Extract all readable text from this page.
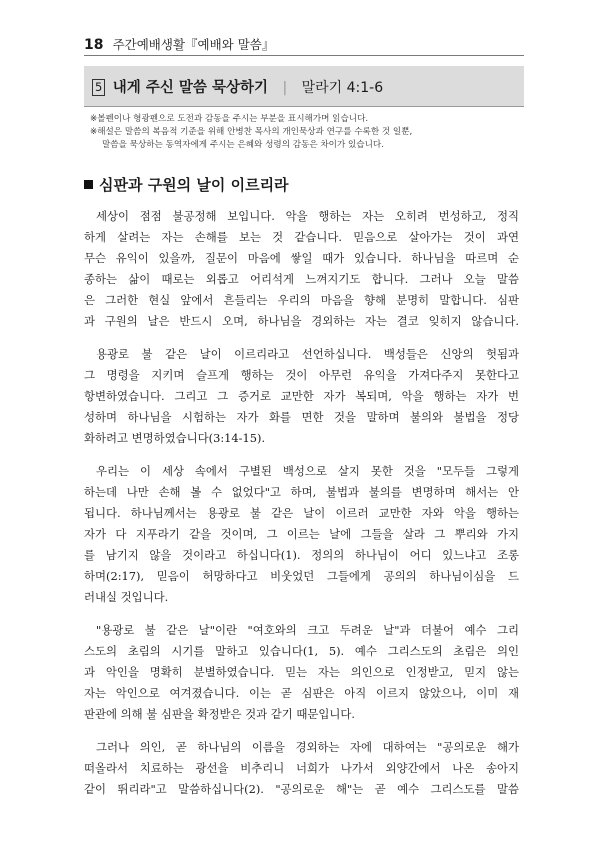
18 주간예배생활『예배와 말씀』
5 내게 주신 말씀 묵상하기 | 말라기 4:1-6
※볼펜이나 형광펜으로 도전과 감동을 주시는 부분을 표시해가며 읽습니다.
※해설은 말씀의 복음적 기준을 위해 안병찬 목사의 개인묵상과 연구를 수록한 것 일뿐,
말씀을 묵상하는 동역자에게 주시는 은혜와 성령의 감동은 차이가 있습니다.
심판과 구원의 날이 이르리라

세상이 점점 불공정해 보입니다. 악을 행하는 자는 오히려 번성하고, 정직
하게 살려는 자는 손해를 보는 것 같습니다. 믿음으로 살아가는 것이 과연
무슨 유익이 있을까, 질문이 마음에 쌓일 때가 있습니다. 하나님을 따르며 순
종하는 삶이 때로는 외롭고 어리석게 느껴지기도 합니다. 그러나 오늘 말씀
은 그러한 현실 앞에서 흔들리는 우리의 마음을 향해 분명히 말합니다. 심판
과 구원의 날은 반드시 오며, 하나님을 경외하는 자는 결코 잊히지 않습니다.

용광로 불 같은 날이 이르리라고 선언하십니다. 백성들은 신앙의 헛됨과
그 명령을 지키며 슬프게 행하는 것이 아무런 유익을 가져다주지 못한다고
항변하였습니다. 그리고 그 증거로 교만한 자가 복되며, 악을 행하는 자가 번
성하며 하나님을 시험하는 자가 화를 면한 것을 말하며 불의와 불법을 정당
화하려고 변명하였습니다(3:14-15).

우리는 이 세상 속에서 구별된 백성으로 살지 못한 것을 "모두들 그렇게
하는데 나만 손해 볼 수 없었다"고 하며, 불법과 불의를 변명하며 해서는 안
됩니다. 하나님께서는 용광로 불 같은 날이 이르러 교만한 자와 악을 행하는
자가 다 지푸라기 같을 것이며, 그 이르는 날에 그들을 살라 그 뿌리와 가지
를 남기지 않을 것이라고 하십니다(1). 정의의 하나님이 어디 있느냐고 조롱
하며(2:17), 믿음이 허망하다고 비웃었던 그들에게 공의의 하나님이심을 드
러내실 것입니다.

"용광로 불 같은 날"이란 "여호와의 크고 두려운 날"과 더불어 예수 그리
스도의 초림의 시기를 말하고 있습니다(1, 5). 예수 그리스도의 초림은 의인
과 악인을 명확히 분별하였습니다. 믿는 자는 의인으로 인정받고, 믿지 않는
자는 악인으로 여겨졌습니다. 이는 곧 심판은 아직 이르지 않았으나, 이미 재
판관에 의해 불 심판을 확정받은 것과 같기 때문입니다.

그러나 의인, 곧 하나님의 이름을 경외하는 자에 대하여는 "공의로운 해가
떠올라서 치료하는 광선을 비추리니 너희가 나가서 외양간에서 나온 송아지
같이 뛰리라"고 말씀하십니다(2). "공의로운 해"는 곧 예수 그리스도를 말씀
